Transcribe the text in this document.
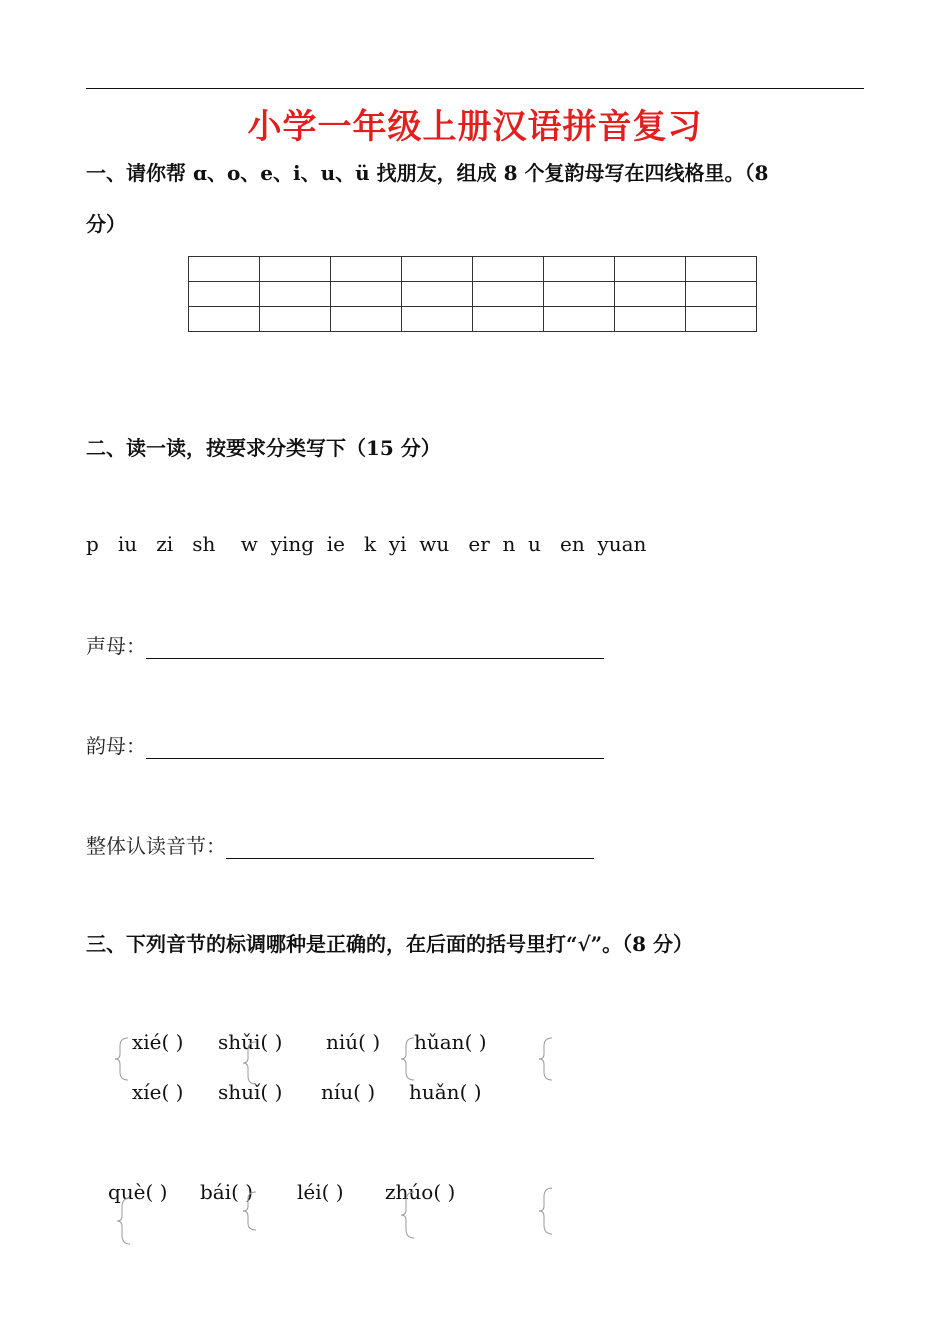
小学一年级上册汉语拼音复习
一、请你帮 ɑ、o、e、i、u、ü 找朋友，组成 8 个复韵母写在四线格里。（8
分）

二、读一读，按要求分类写下（15 分）
p   iu   zi   sh    w  ying  ie   k  yi  wu   er  n  u   en  yuan
声母：
韵母：
整体认读音节：
三、下列音节的标调哪种是正确的，在后面的括号里打“√”。（8 分）
xié( ) shǔi( ) niú( ) hǔan( )
xíe( ) shuǐ( ) níu( ) huǎn( )
què( ) bái( ) léi( ) zhúo( )
